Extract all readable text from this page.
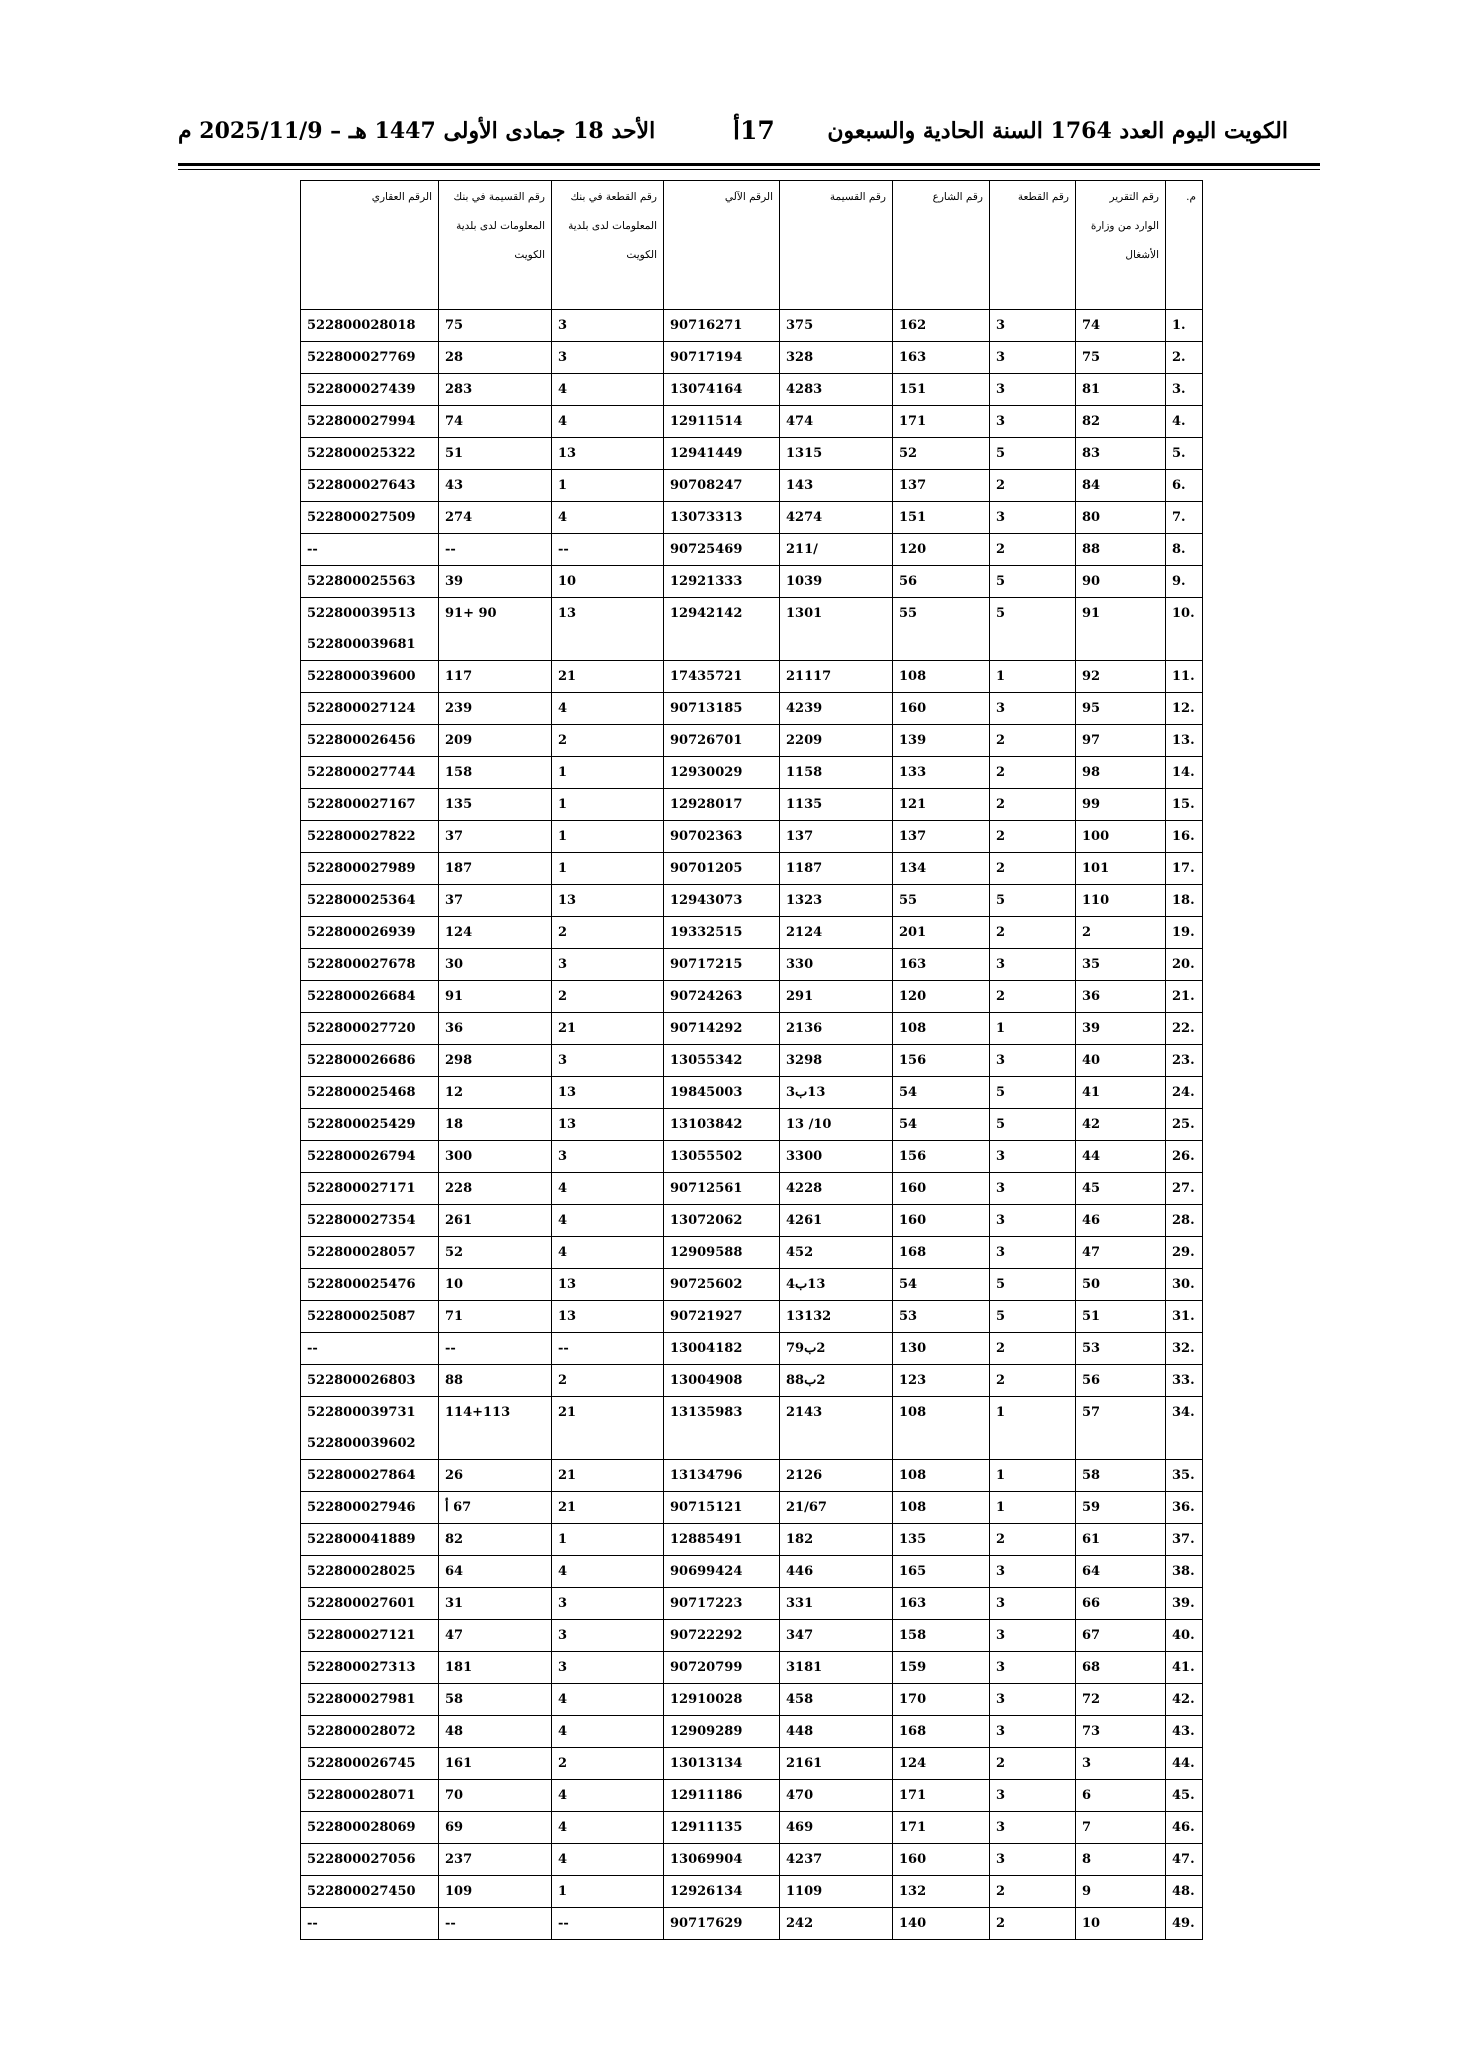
الكويت اليوم العدد 1764 السنة الحادية والسبعون
17أ
الأحد 18 جمادى الأولى 1447 هـ – 2025/11/9 م
م.	رقم التقرير الوارد من وزارة الأشغال	رقم القطعة	رقم الشارع	رقم القسيمة	الرقم الآلي	رقم القطعة في بنك المعلومات لدى بلدية الكويت	رقم القسيمة في بنك المعلومات لدى بلدية الكويت	الرقم العقاري
1.	74	3	162	375	90716271	3	75	522800028018
2.	75	3	163	328	90717194	3	28	522800027769
3.	81	3	151	4283	13074164	4	283	522800027439
4.	82	3	171	474	12911514	4	74	522800027994
5.	83	5	52	1315	12941449	13	51	522800025322
6.	84	2	137	143	90708247	1	43	522800027643
7.	80	3	151	4274	13073313	4	274	522800027509
8.	88	2	120	2‫/‬11	90725469	--	--	--
9.	90	5	56	1039	12921333	10	39	522800025563
10.	91	5	55	1301	12942142	13	91+ 90	522800039513
522800039681
11.	92	1	108	21117	17435721	21	117	522800039600
12.	95	3	160	4239	90713185	4	239	522800027124
13.	97	2	139	2209	90726701	2	209	522800026456
14.	98	2	133	1158	12930029	1	158	522800027744
15.	99	2	121	1135	12928017	1	135	522800027167
16.	100	2	137	137	90702363	1	37	522800027822
17.	101	2	134	1187	90701205	1	187	522800027989
18.	110	5	55	1323	12943073	13	37	522800025364
19.	2	2	201	2124	19332515	2	124	522800026939
20.	35	3	163	330	90717215	3	30	522800027678
21.	36	2	120	291	90724263	2	91	522800026684
22.	39	1	108	2136	90714292	21	36	522800027720
23.	40	3	156	3298	13055342	3	298	522800026686
24.	41	5	54	13ب3	19845003	13	12	522800025468
25.	42	5	54	13 /10	13103842	13	18	522800025429
26.	44	3	156	3300	13055502	3	300	522800026794
27.	45	3	160	4228	90712561	4	228	522800027171
28.	46	3	160	4261	13072062	4	261	522800027354
29.	47	3	168	452	12909588	4	52	522800028057
30.	50	5	54	13ب4	90725602	13	10	522800025476
31.	51	5	53	13132	90721927	13	71	522800025087
32.	53	2	130	2ب79	13004182	--	--	--
33.	56	2	123	2ب88	13004908	2	88	522800026803
34.	57	1	108	2143	13135983	21	114+113	522800039731
522800039602
35.	58	1	108	2126	13134796	21	26	522800027864
36.	59	1	108	21/67	90715121	21	67 أ	522800027946
37.	61	2	135	182	12885491	1	82	522800041889
38.	64	3	165	446	90699424	4	64	522800028025
39.	66	3	163	331	90717223	3	31	522800027601
40.	67	3	158	347	90722292	3	47	522800027121
41.	68	3	159	3181	90720799	3	181	522800027313
42.	72	3	170	458	12910028	4	58	522800027981
43.	73	3	168	448	12909289	4	48	522800028072
44.	3	2	124	2161	13013134	2	161	522800026745
45.	6	3	171	470	12911186	4	70	522800028071
46.	7	3	171	469	12911135	4	69	522800028069
47.	8	3	160	4237	13069904	4	237	522800027056
48.	9	2	132	1109	12926134	1	109	522800027450
49.	10	2	140	242	90717629	--	--	--
